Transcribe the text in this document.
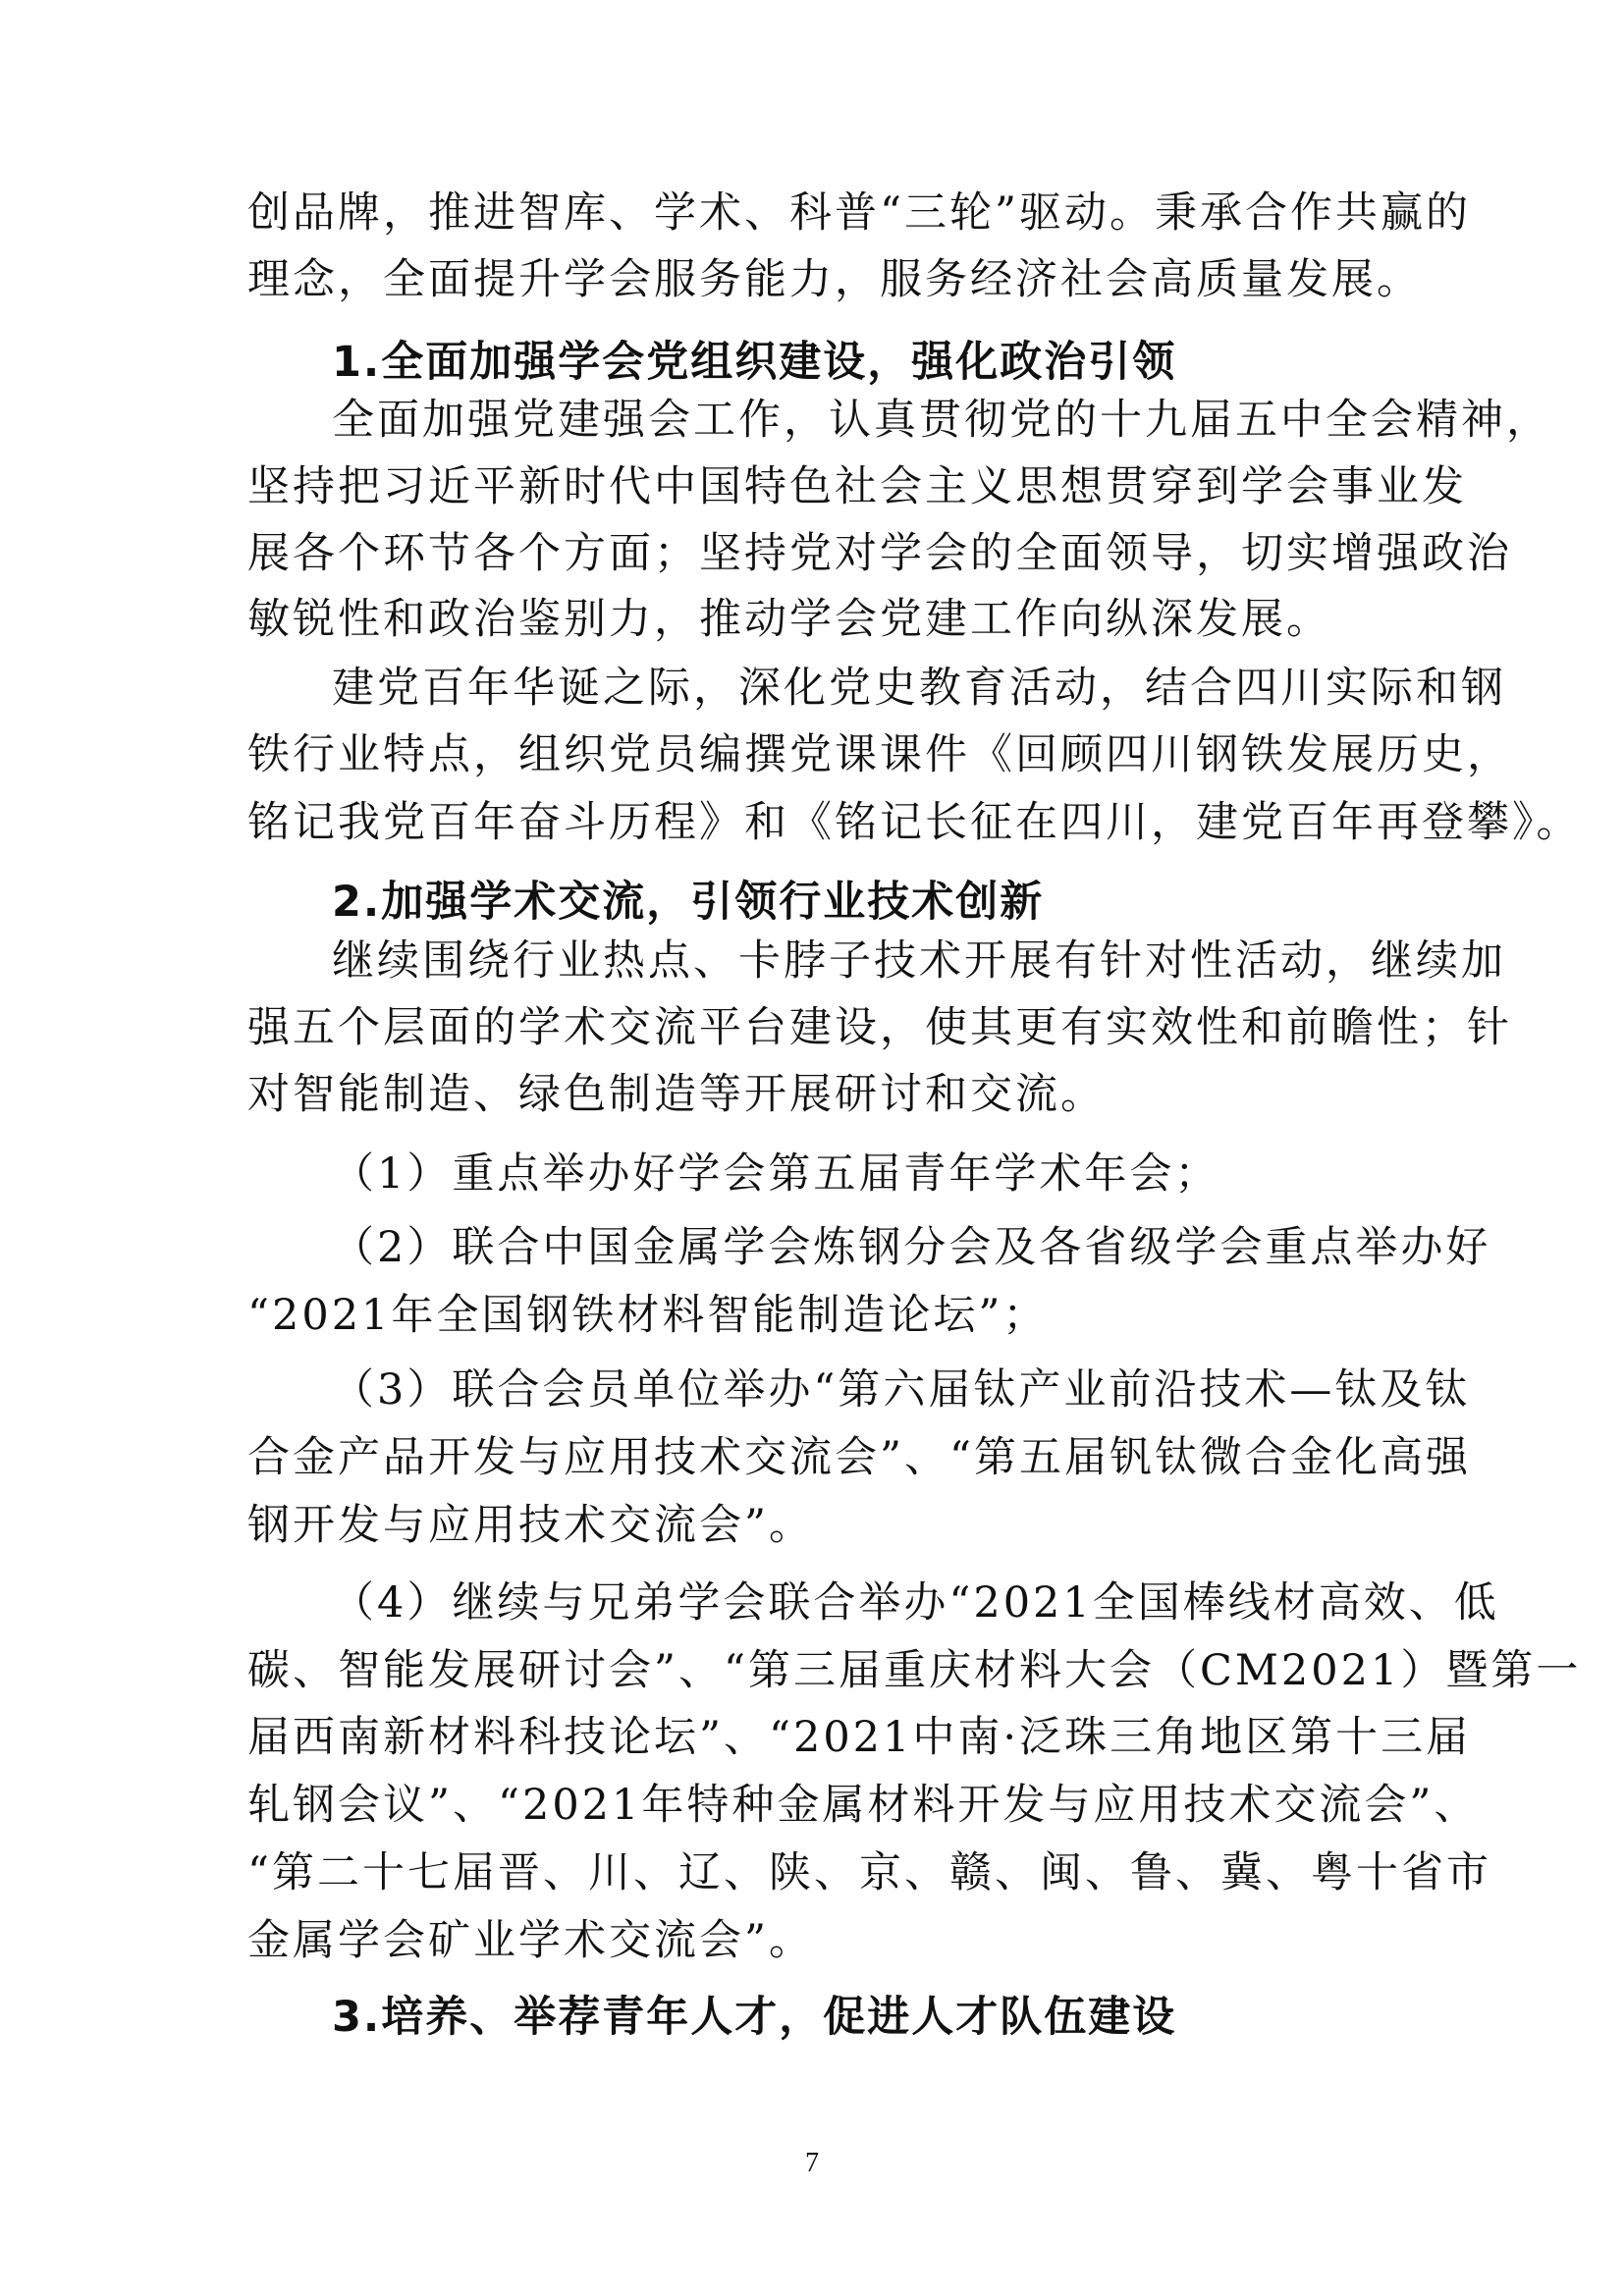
创品牌，推进智库、学术、科普“三轮”驱动。秉承合作共赢的
理念，全面提升学会服务能力，服务经济社会高质量发展。
1.全面加强学会党组织建设，强化政治引领
全面加强党建强会工作，认真贯彻党的十九届五中全会精神，
坚持把习近平新时代中国特色社会主义思想贯穿到学会事业发
展各个环节各个方面；坚持党对学会的全面领导，切实增强政治
敏锐性和政治鉴别力，推动学会党建工作向纵深发展。
建党百年华诞之际，深化党史教育活动，结合四川实际和钢
铁行业特点，组织党员编撰党课课件《回顾四川钢铁发展历史，
铭记我党百年奋斗历程》和《铭记长征在四川，建党百年再登攀》。
2.加强学术交流，引领行业技术创新
继续围绕行业热点、卡脖子技术开展有针对性活动，继续加
强五个层面的学术交流平台建设，使其更有实效性和前瞻性；针
对智能制造、绿色制造等开展研讨和交流。
（1）重点举办好学会第五届青年学术年会；
（2）联合中国金属学会炼钢分会及各省级学会重点举办好
“2021年全国钢铁材料智能制造论坛”；
（3）联合会员单位举办“第六届钛产业前沿技术—钛及钛
合金产品开发与应用技术交流会”、“第五届钒钛微合金化高强
钢开发与应用技术交流会”。
（4）继续与兄弟学会联合举办“2021全国棒线材高效、低
碳、智能发展研讨会”、“第三届重庆材料大会（CM2021）暨第一
届西南新材料科技论坛”、“2021中南·泛珠三角地区第十三届
轧钢会议”、“2021年特种金属材料开发与应用技术交流会”、
“第二十七届晋、川、辽、陕、京、赣、闽、鲁、冀、粤十省市
金属学会矿业学术交流会”。
3.培养、举荐青年人才，促进人才队伍建设
7
